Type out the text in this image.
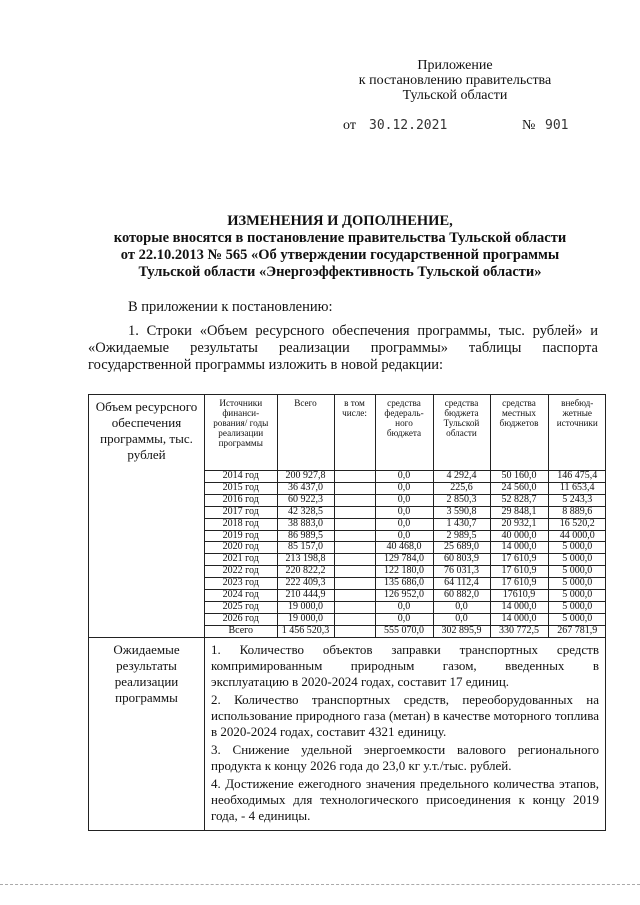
Приложение
к постановлению правительства
Тульской области
от 30.12.2021	№ 901
ИЗМЕНЕНИЯ И ДОПОЛНЕНИЕ,
которые вносятся в постановление правительства Тульской области
от 22.10.2013 № 565 «Об утверждении государственной программы
Тульской области «Энергоэффективность Тульской области»
В приложении к постановлению:
1. Строки «Объем ресурсного обеспечения программы, тыс. рублей» и
«Ожидаемые результаты реализации программы» таблицы паспорта
государственной программы изложить в новой редакции:
Объем ресурсного обеспечения программы, тыс. рублей	
Источники финанси-рования/ годы реализации программы	Всего	в том числе:	средства федераль-ного бюджета	средства бюджета Тульской области	средства местных бюджетов	внебюд-жетные источники
2014 год	200 927,8		0,0	4 292,4	50 160,0	146 475,4
2015 год	36 437,0		0,0	225,6	24 560,0	11 653,4
2016 год	60 922,3		0,0	2 850,3	52 828,7	5 243,3
2017 год	42 328,5		0,0	3 590,8	29 848,1	8 889,6
2018 год	38 883,0		0,0	1 430,7	20 932,1	16 520,2
2019 год	86 989,5		0,0	2 989,5	40 000,0	44 000,0
2020 год	85 157,0		40 468,0	25 689,0	14 000,0	5 000,0
2021 год	213 198,8		129 784,0	60 803,9	17 610,9	5 000,0
2022 год	220 822,2		122 180,0	76 031,3	17 610,9	5 000,0
2023 год	222 409,3		135 686,0	64 112,4	17 610,9	5 000,0
2024 год	210 444,9		126 952,0	60 882,0	17610,9	5 000,0
2025 год	19 000,0		0,0	0,0	14 000,0	5 000,0
2026 год	19 000,0		0,0	0,0	14 000,0	5 000,0
Всего	1 456 520,3		555 070,0	302 895,9	330 772,5	267 781,9

Ожидаемые результаты реализации программы	

1. Количество объектов заправки транспортных средств
компримированным природным газом, введенных в
эксплуатацию в 2020-2024 годах, составит 17 единиц.

2. Количество транспортных средств, переоборудованных на использование природного газа (метан) в качестве моторного топлива в 2020-2024 годах, составит 4321 единицу.

3. Снижение удельной энергоемкости валового регионального продукта к концу 2026 года до 23,0 кг у.т./тыс. рублей.

4. Достижение ежегодного значения предельного количества этапов, необходимых для технологического присоединения к концу 2019 года, - 4 единицы.
